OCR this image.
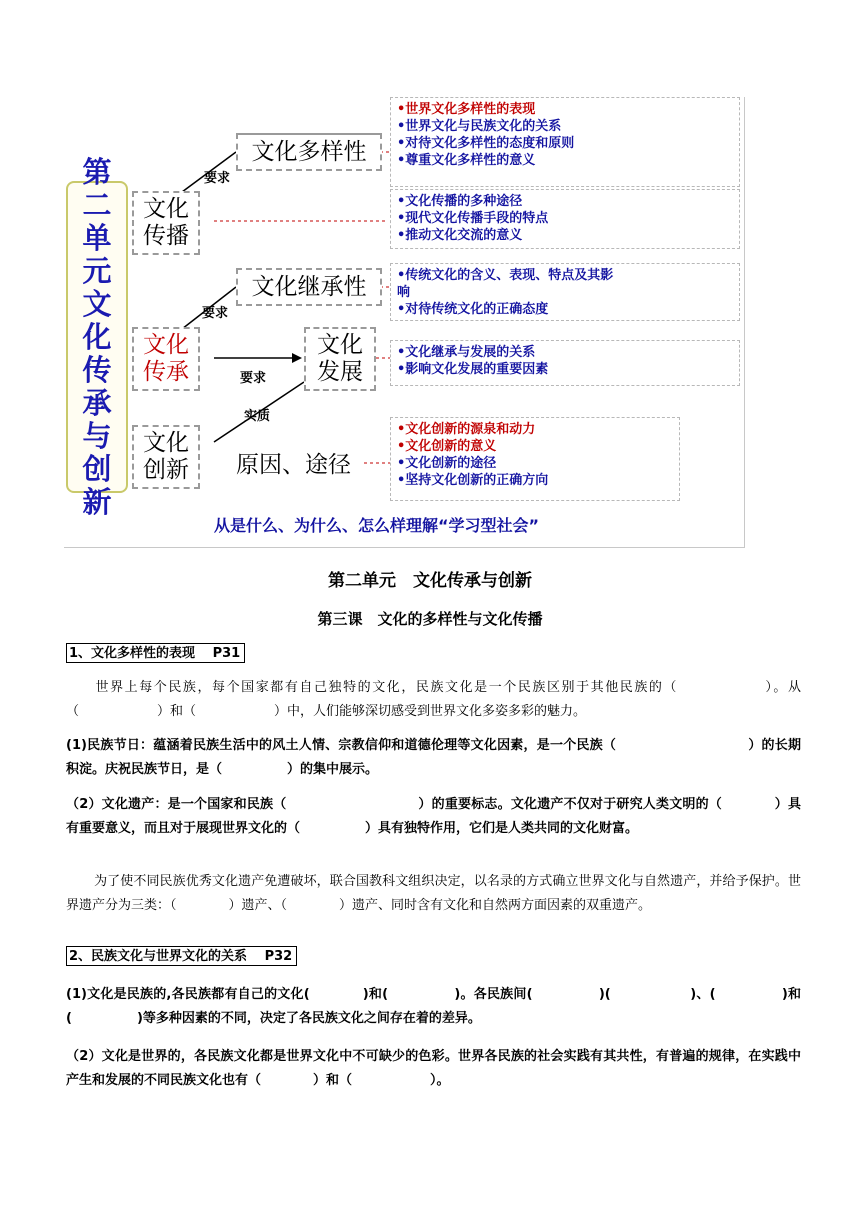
第
二
单
元
文
化
传
承
与
创
新
文化传播
文化传承
文化创新
文化多样性
文化继承性
文化发展
原因、途径
要求
要求
要求
实质
•世界文化多样性的表现
•世界文化与民族文化的关系
•对待文化多样性的态度和原则
•尊重文化多样性的意义
•文化传播的多种途径
•现代文化传播手段的特点
•推动文化交流的意义
•传统文化的含义、表现、特点及其影
响
•对待传统文化的正确态度
•文化继承与发展的关系
•影响文化发展的重要因素
•文化创新的源泉和动力
•文化创新的意义
•文化创新的途径
•坚持文化创新的正确方向
从是什么、为什么、怎么样理解“学习型社会”
第二单元　文化传承与创新
第三课　文化的多样性与文化传播
1、文化多样性的表现　 P31
世界上每个民族，每个国家都有自己独特的文化，民族文化是一个民族区别于其他民族的（　　　　　　）。从（　　　　　　）和（　　　　　　）中，人们能够深切感受到世界文化多姿多彩的魅力。
(1)民族节日：蕴涵着民族生活中的风土人情、宗教信仰和道德伦理等文化因素，是一个民族（　　　　　　　　　　）的长期积淀。庆祝民族节日，是（　　　　　）的集中展示。
（2）文化遗产：是一个国家和民族（　　　　　　　　　　）的重要标志。文化遗产不仅对于研究人类文明的（　　　　）具有重要意义，而且对于展现世界文化的（　　　　　）具有独特作用，它们是人类共同的文化财富。
为了使不同民族优秀文化遗产免遭破坏，联合国教科文组织决定，以名录的方式确立世界文化与自然遗产，并给予保护。世界遗产分为三类：（　　　　）遗产、（　　　　）遗产、同时含有文化和自然两方面因素的双重遗产。
2、民族文化与世界文化的关系　 P32
(1)文化是民族的,各民族都有自己的文化(　　　　)和(　　　　　)。各民族间(　　　　　)(　　　　　　)、(　　　　　)和(　　　　　)等多种因素的不同，决定了各民族文化之间存在着的差异。
（2）文化是世界的，各民族文化都是世界文化中不可缺少的色彩。世界各民族的社会实践有其共性，有普遍的规律，在实践中产生和发展的不同民族文化也有（　　　　）和（　　　　　　）。
